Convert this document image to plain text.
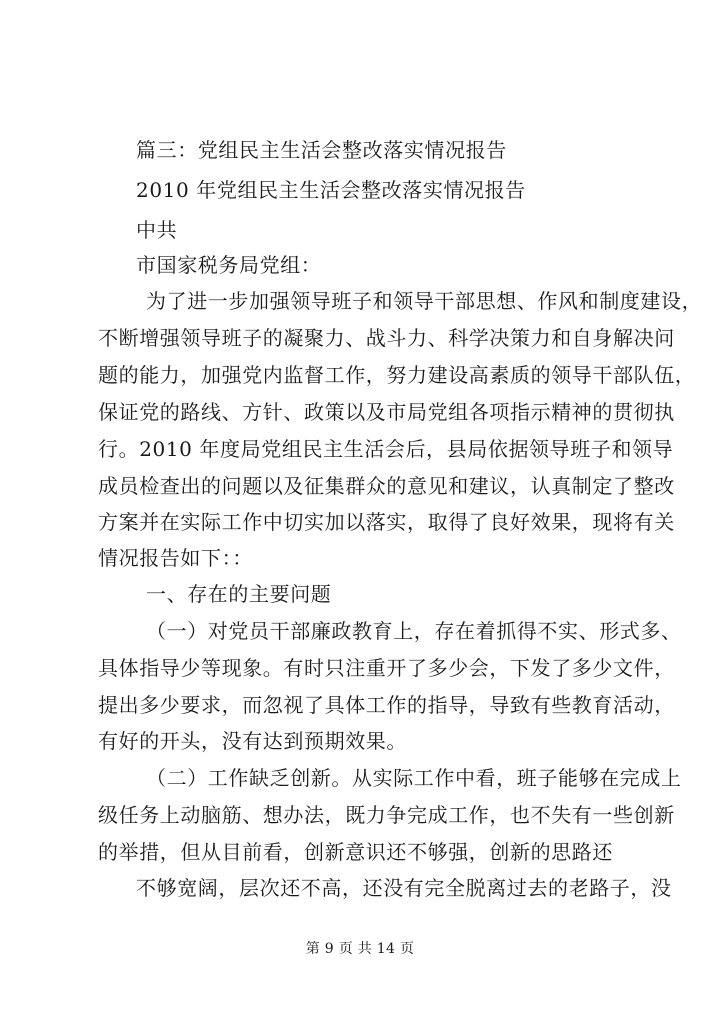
篇三：党组民主生活会整改落实情况报告
2010 年党组民主生活会整改落实情况报告
中共
市国家税务局党组：
为了进一步加强领导班子和领导干部思想、作风和制度建设，
不断增强领导班子的凝聚力、战斗力、科学决策力和自身解决问
题的能力，加强党内监督工作，努力建设高素质的领导干部队伍，
保证党的路线、方针、政策以及市局党组各项指示精神的贯彻执
行。2010 年度局党组民主生活会后，县局依据领导班子和领导
成员检查出的问题以及征集群众的意见和建议，认真制定了整改
方案并在实际工作中切实加以落实，取得了良好效果，现将有关
情况报告如下：：
一、存在的主要问题
（一）对党员干部廉政教育上，存在着抓得不实、形式多、
具体指导少等现象。有时只注重开了多少会，下发了多少文件，
提出多少要求，而忽视了具体工作的指导，导致有些教育活动，
有好的开头，没有达到预期效果。
（二）工作缺乏创新。从实际工作中看，班子能够在完成上
级任务上动脑筋、想办法，既力争完成工作，也不失有一些创新
的举措，但从目前看，创新意识还不够强，创新的思路还
不够宽阔，层次还不高，还没有完全脱离过去的老路子，没
第 9 页 共 14 页
